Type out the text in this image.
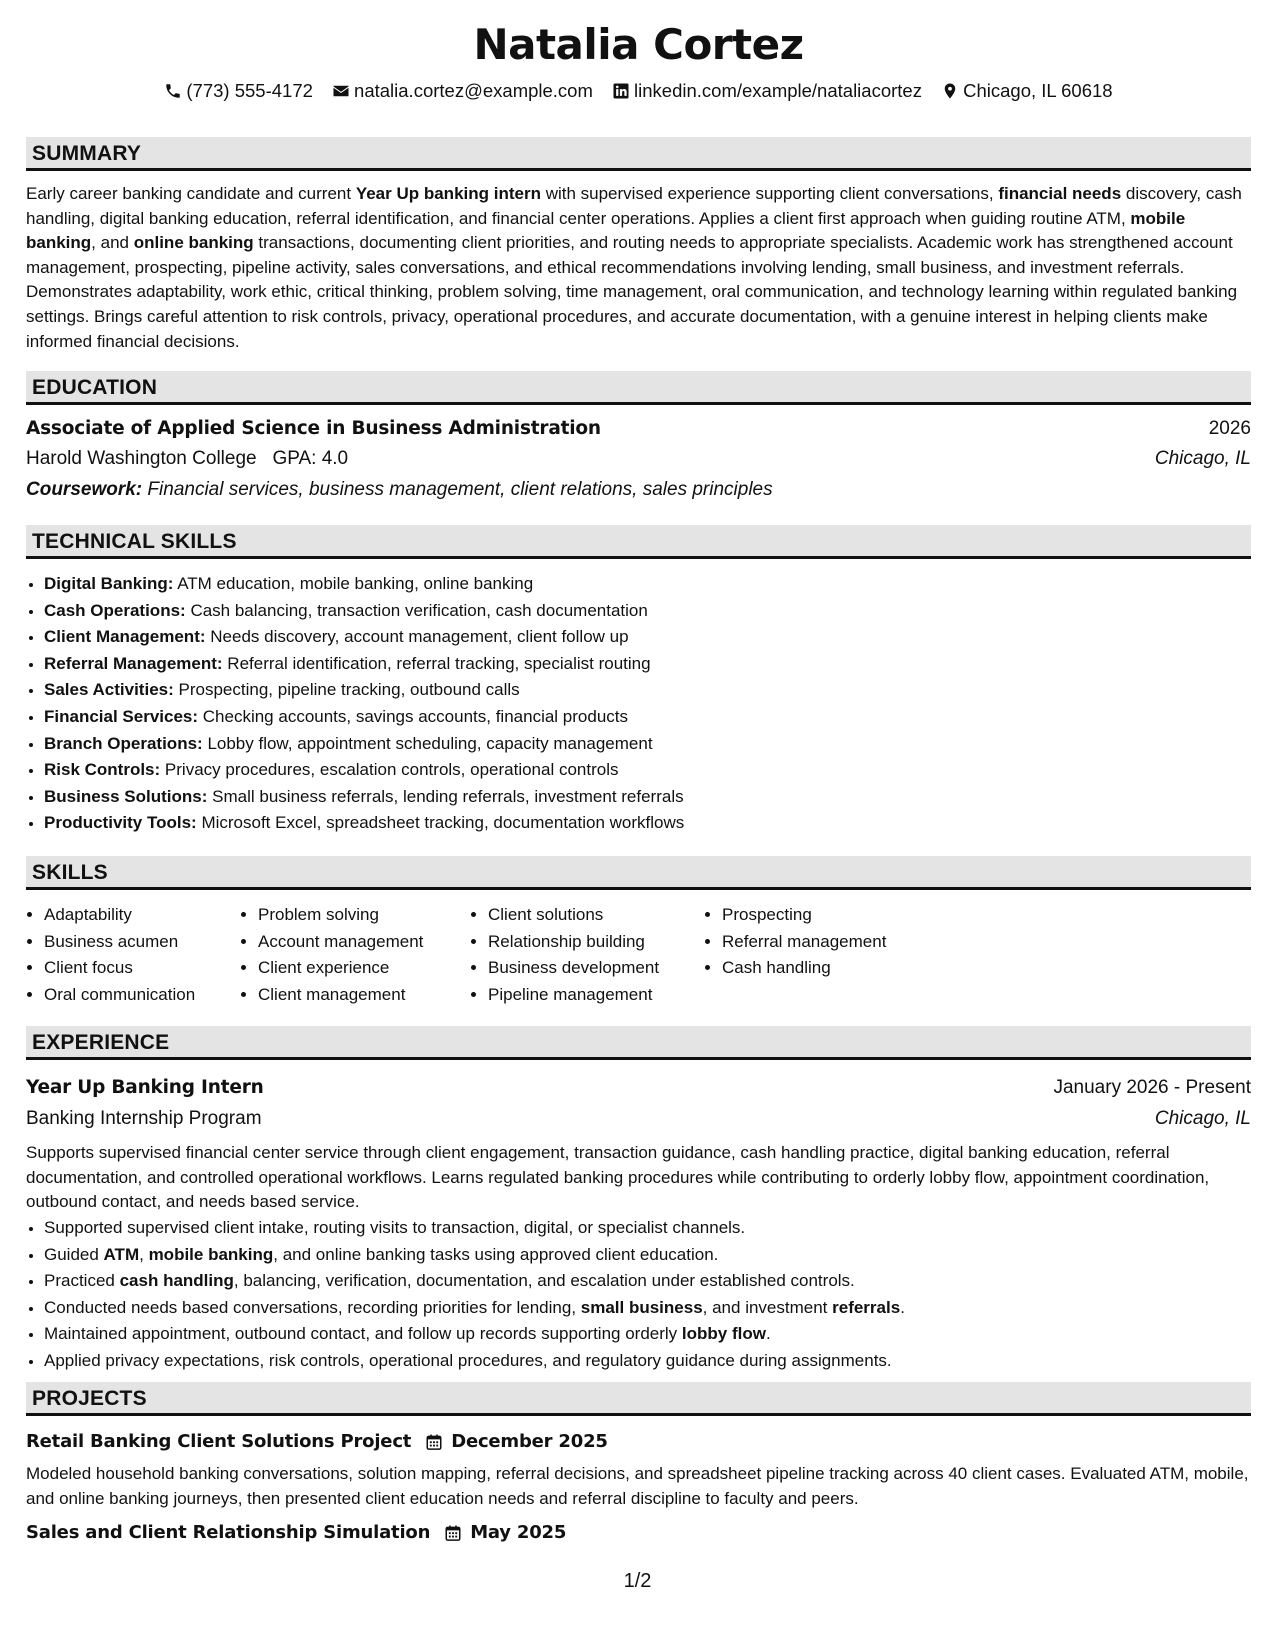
Natalia Cortez
(773) 555-4172
natalia.cortez@example.com
linkedin.com/example/nataliacortez
Chicago, IL 60618
SUMMARY
Early career banking candidate and current Year Up banking intern with supervised experience supporting client conversations, financial needs discovery, cash handling, digital banking education, referral identification, and financial center operations. Applies a client first approach when guiding routine ATM, mobile banking, and online banking transactions, documenting client priorities, and routing needs to appropriate specialists. Academic work has strengthened account management, prospecting, pipeline activity, sales conversations, and ethical recommendations involving lending, small business, and investment referrals. Demonstrates adaptability, work ethic, critical thinking, problem solving, time management, oral communication, and technology learning within regulated banking settings. Brings careful attention to risk controls, privacy, operational procedures, and accurate documentation, with a genuine interest in helping clients make informed financial decisions.
EDUCATION
Associate of Applied Science in Business Administration	2026
Harold Washington College GPA: 4.0	Chicago, IL
Coursework: Financial services, business management, client relations, sales principles
TECHNICAL SKILLS
• Digital Banking: ATM education, mobile banking, online banking
• Cash Operations: Cash balancing, transaction verification, cash documentation
• Client Management: Needs discovery, account management, client follow up
• Referral Management: Referral identification, referral tracking, specialist routing
• Sales Activities: Prospecting, pipeline tracking, outbound calls
• Financial Services: Checking accounts, savings accounts, financial products
• Branch Operations: Lobby flow, appointment scheduling, capacity management
• Risk Controls: Privacy procedures, escalation controls, operational controls
• Business Solutions: Small business referrals, lending referrals, investment referrals
• Productivity Tools: Microsoft Excel, spreadsheet tracking, documentation workflows
SKILLS
• Adaptability
• Business acumen
• Client focus
• Oral communication
• Problem solving
• Account management
• Client experience
• Client management
• Client solutions
• Relationship building
• Business development
• Pipeline management
• Prospecting
• Referral management
• Cash handling
EXPERIENCE
Year Up Banking Intern	January 2026 - Present
Banking Internship Program	Chicago, IL
Supports supervised financial center service through client engagement, transaction guidance, cash handling practice, digital banking education, referral documentation, and controlled operational workflows. Learns regulated banking procedures while contributing to orderly lobby flow, appointment coordination, outbound contact, and needs based service.
• Supported supervised client intake, routing visits to transaction, digital, or specialist channels.
• Guided ATM, mobile banking, and online banking tasks using approved client education.
• Practiced cash handling, balancing, verification, documentation, and escalation under established controls.
• Conducted needs based conversations, recording priorities for lending, small business, and investment referrals.
• Maintained appointment, outbound contact, and follow up records supporting orderly lobby flow.
• Applied privacy expectations, risk controls, operational procedures, and regulatory guidance during assignments.
PROJECTS
Retail Banking Client Solutions Project December 2025
Modeled household banking conversations, solution mapping, referral decisions, and spreadsheet pipeline tracking across 40 client cases. Evaluated ATM, mobile, and online banking journeys, then presented client education needs and referral discipline to faculty and peers.
Sales and Client Relationship Simulation May 2025
1/2
